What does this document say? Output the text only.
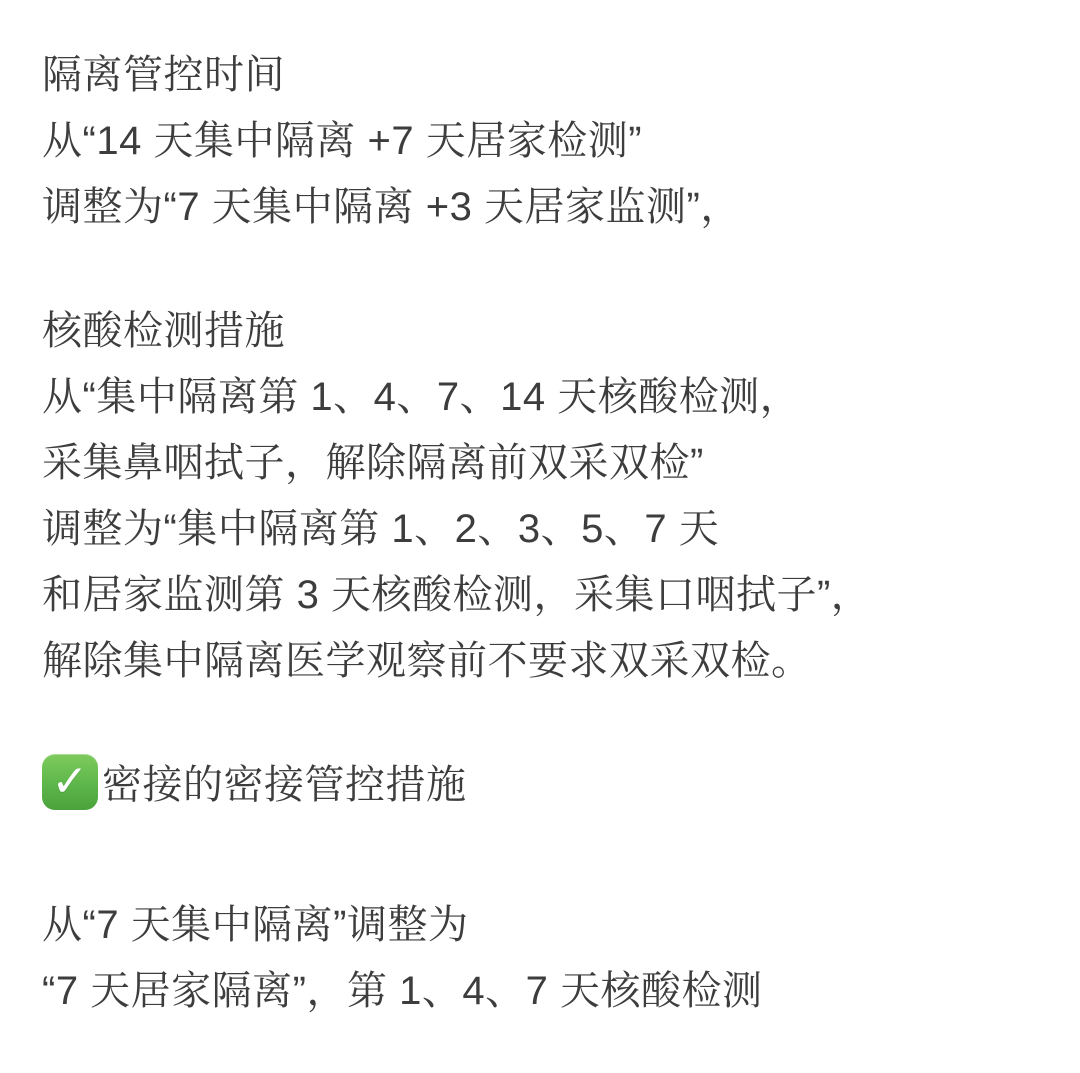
隔离管控时间
从“14 天集中隔离 +7 天居家检测”
调整为“7 天集中隔离 +3 天居家监测”，
核酸检测措施
从“集中隔离第 1、4、7、14 天核酸检测，
采集鼻咽拭子，解除隔离前双采双检”
调整为“集中隔离第 1、2、3、5、7 天
和居家监测第 3 天核酸检测，采集口咽拭子”，
解除集中隔离医学观察前不要求双采双检。
✓ 密接的密接管控措施
从“7 天集中隔离”调整为
“7 天居家隔离”，第 1、4、7 天核酸检测
